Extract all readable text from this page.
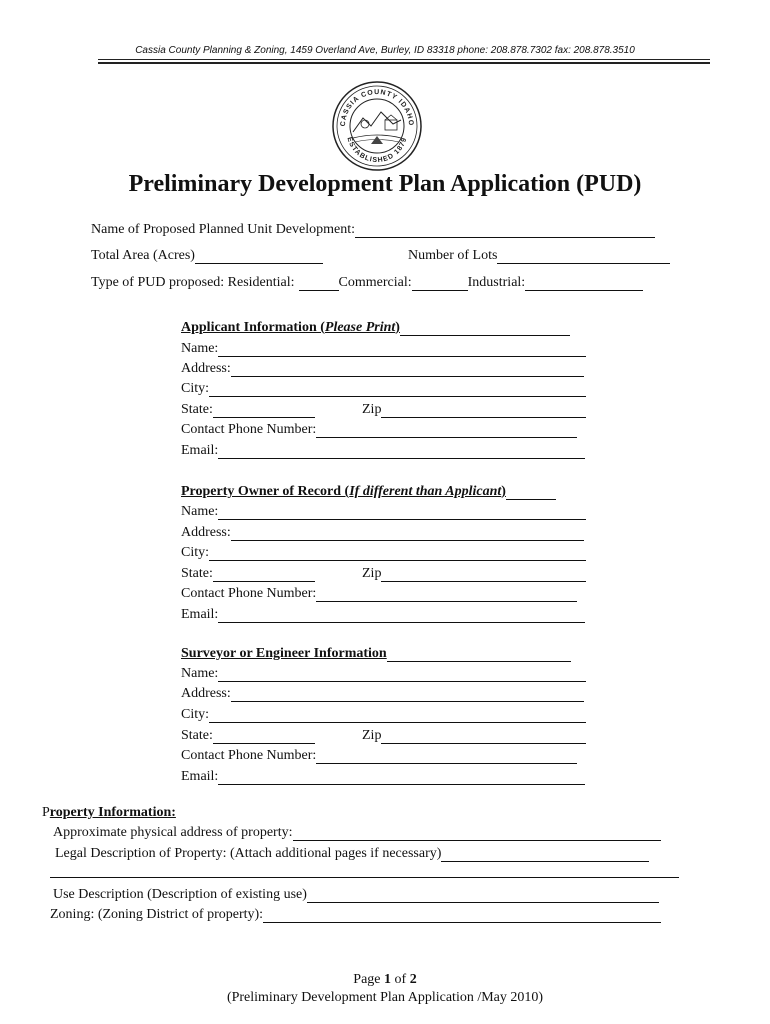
Cassia County Planning & Zoning, 1459 Overland Ave, Burley, ID 83318 phone: 208.878.7302 fax: 208.878.3510
CASSIA COUNTY IDAHO
ESTABLISHED 1879
Preliminary Development Plan Application (PUD)
Name of Proposed Planned Unit Development:
Total Area (Acres)	Number of Lots
Type of PUD proposed: Residential:	Commercial:	Industrial:
Applicant Information ( Please Print )
Name:
Address:
City:
State:	Zip
Contact Phone Number:
Email:
Property Owner of Record ( If different than Applicant )
Name:
Address:
City:
State:	Zip
Contact Phone Number:
Email:
Surveyor or Engineer Information
Name:
Address:
City:
State:	Zip
Contact Phone Number:
Email:
P roperty Information:
Approximate physical address of property:
Legal Description of Property: (Attach additional pages if necessary)
Use Description (Description of existing use)
Zoning: (Zoning District of property):
Page 1 of 2
(Preliminary Development Plan Application /May 2010)
